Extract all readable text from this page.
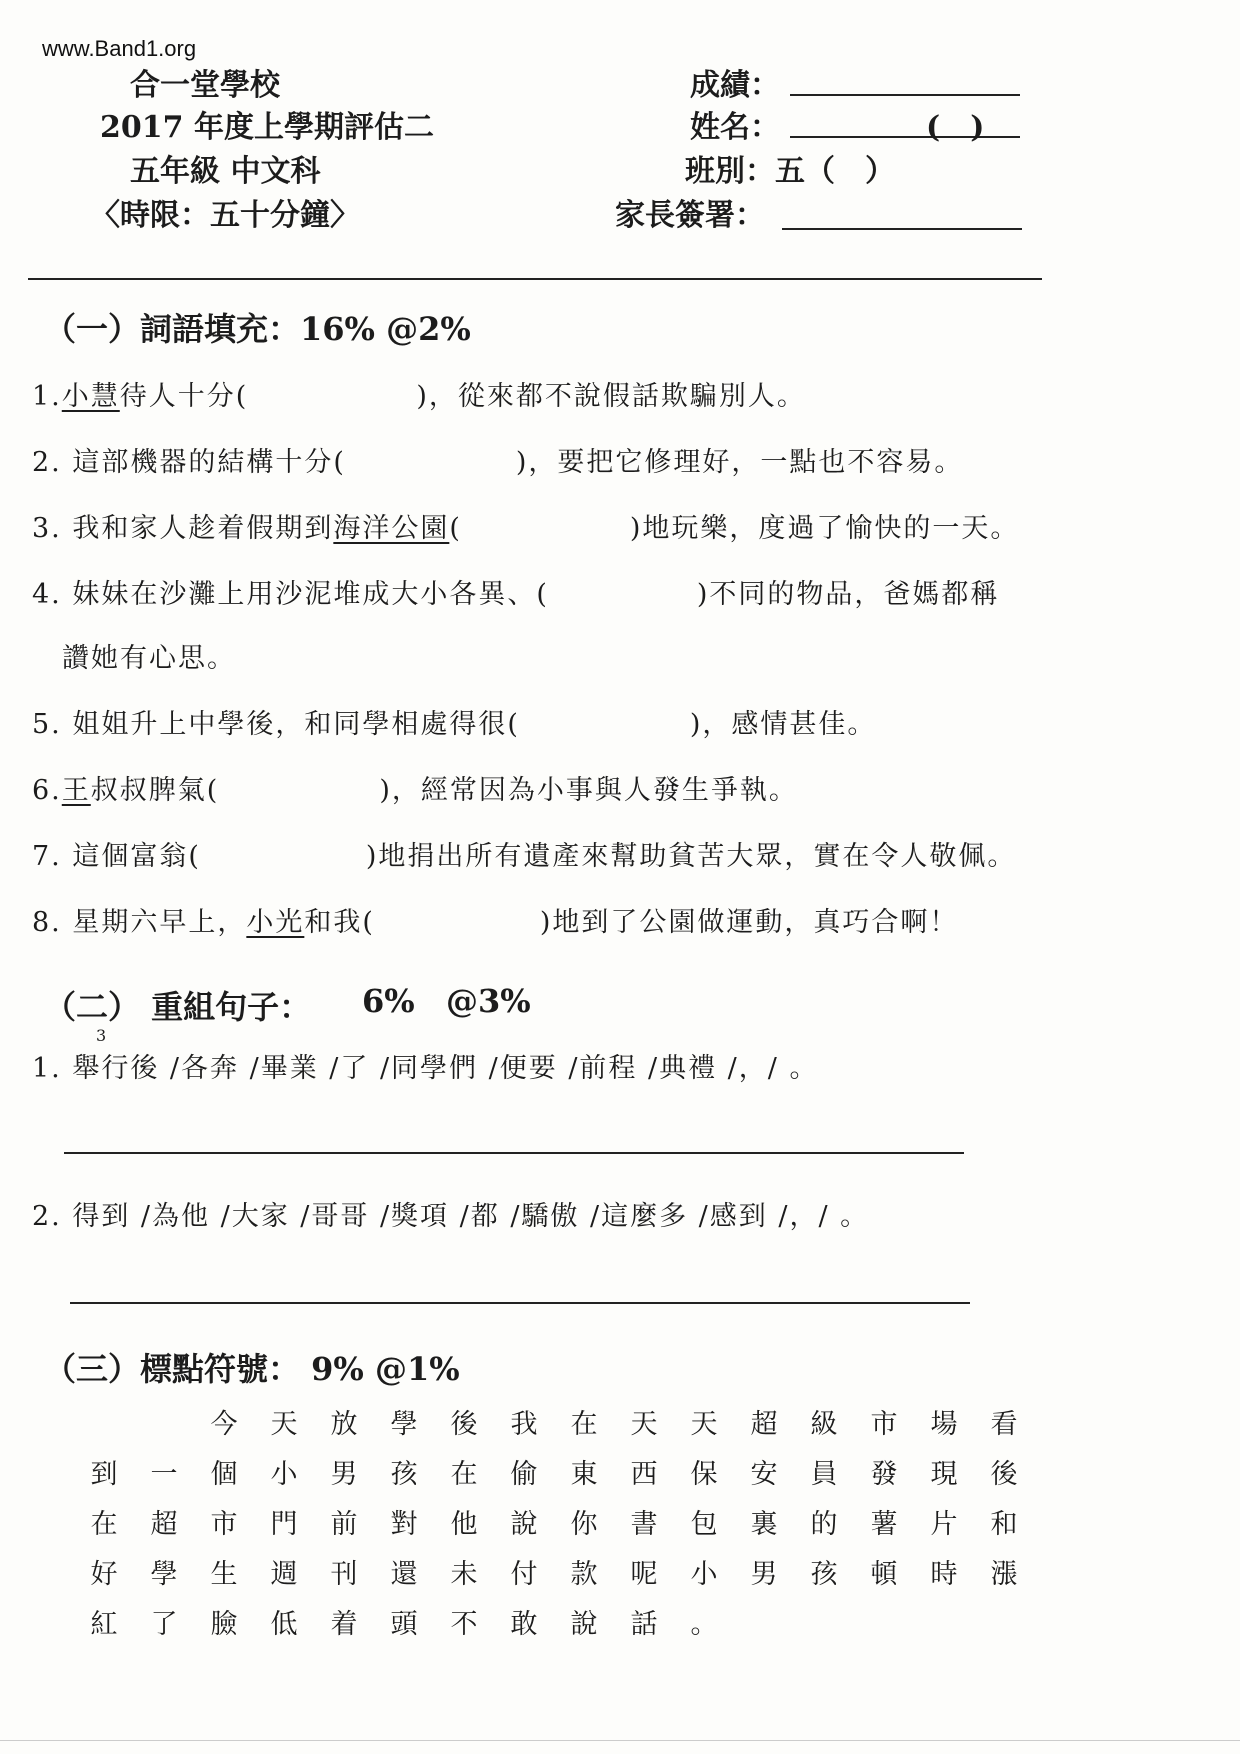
www.Band1.org
合一堂學校
2017 年度上學期評估二
五年級 中文科
〈時限：五十分鐘〉
成績：
姓名：	(　)
班別：五（　）
家長簽署：
（一）詞語填充：16% @2%
1.小慧待人十分(	)，從來都不說假話欺騙別人。
2. 這部機器的結構十分(	)，要把它修理好，一點也不容易。
3. 我和家人趁着假期到海洋公園(	)地玩樂，度過了愉快的一天。
4. 妹妹在沙灘上用沙泥堆成大小各異、(	)不同的物品，爸媽都稱
讚她有心思。
5. 姐姐升上中學後，和同學相處得很(	)，感情甚佳。
6.王叔叔脾氣(	)，經常因為小事與人發生爭執。
7. 這個富翁(	)地捐出所有遺產來幫助貧苦大眾，實在令人敬佩。
8. 星期六早上，小光和我(	)地到了公園做運動，真巧合啊！
（二） 重組句子： 6% @3%
3
1. 舉行後 /各奔 /畢業 /了 /同學們 /便要 /前程 /典禮 /，/ 。
2. 得到 /為他 /大家 /哥哥 /獎項 /都 /驕傲 /這麼多 /感到 /，/ 。
（三）標點符號： 9% @1%
今	天	放	學	後	我	在	天	天	超	級	市	場	看
到	一	個	小	男	孩	在	偷	東	西	保	安	員	發	現	後
在	超	市	門	前	對	他	說	你	書	包	裏	的	薯	片	和
好	學	生	週	刊	還	未	付	款	呢	小	男	孩	頓	時	漲
紅	了	臉	低	着	頭	不	敢	說	話	。
